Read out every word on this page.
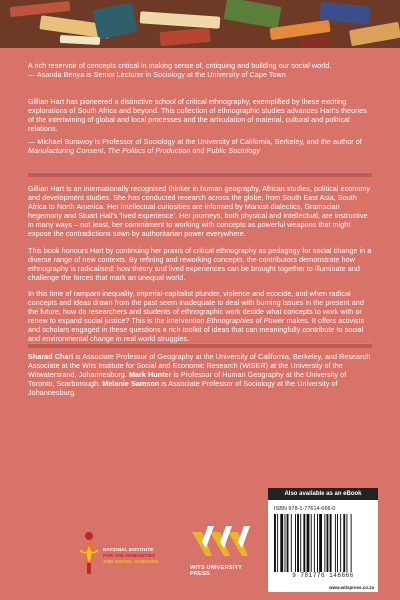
A rich reservoir of concepts critical in making sense of, critiquing and building our social world.

— Asanda Benya is Senior Lecturer in Sociology at the University of Cape Town

Gillian Hart has pioneered a distinctive school of critical ethnography, exemplified by these exciting explorations of South Africa and beyond. This collection of ethnographic studies advances Hart's theories of the intertwining of global and local processes and the articulation of material, cultural and political relations.

— Michael Burawoy is Professor of Sociology at the University of California, Berkeley, and the author of Manufacturing Consent, The Politics of Production and Public Sociology

Gillian Hart is an internationally recognised thinker in human geography, African studies, political economy and development studies. She has conducted research across the globe, from South East Asia, South Africa to North America. Her intellectual curiosities are informed by Marxist dialectics, Gramscian hegemony and Stuart Hall's 'lived experience'. Her journeys, both physical and intellectual, are instructive in many ways – not least, her commitment to working with concepts as powerful weapons that might expose the contradictions sown by authoritarian power everywhere.

This book honours Hart by continuing her praxis of critical ethnography as pedagogy for social change in a diverse range of new contexts. By refining and reworking concepts, the contributors demonstrate how ethnography is radicalised: how theory and lived experiences can be brought together to illuminate and challenge the forces that mark an unequal world.

In this time of rampant inequality, imperial-capitalist plunder, violence and ecocide, and when radical concepts and ideas drawn from the past seem inadequate to deal with burning issues in the present and the future, how do researchers and students of ethnographic work decide what concepts to work with or renew to expand social justice? This is the intervention Ethnographies of Power makes. It offers activists and scholars engaged in these questions a rich toolkit of ideas that can meaningfully contribute to social and environmental change in real world struggles.

Sharad Chari is Associate Professor of Geography at the University of California, Berkeley, and Research Associate at the Wits Institute for Social and Economic Research (WiSER) at the University of the Witwatersrand, Johannesburg. Mark Hunter is Professor of Human Geography at the University of Toronto, Scarborough. Melanie Samson is Associate Professor of Sociology at the University of Johannesburg.

NATIONAL INSTITUTE
FOR THE HUMANITIES
AND SOCIAL SCIENCES
WITS UNIVERSITY PRESS
Also available as an eBook
ISBN 978-1-77614-666-0
9 781776 146666
www.witspress.co.za
